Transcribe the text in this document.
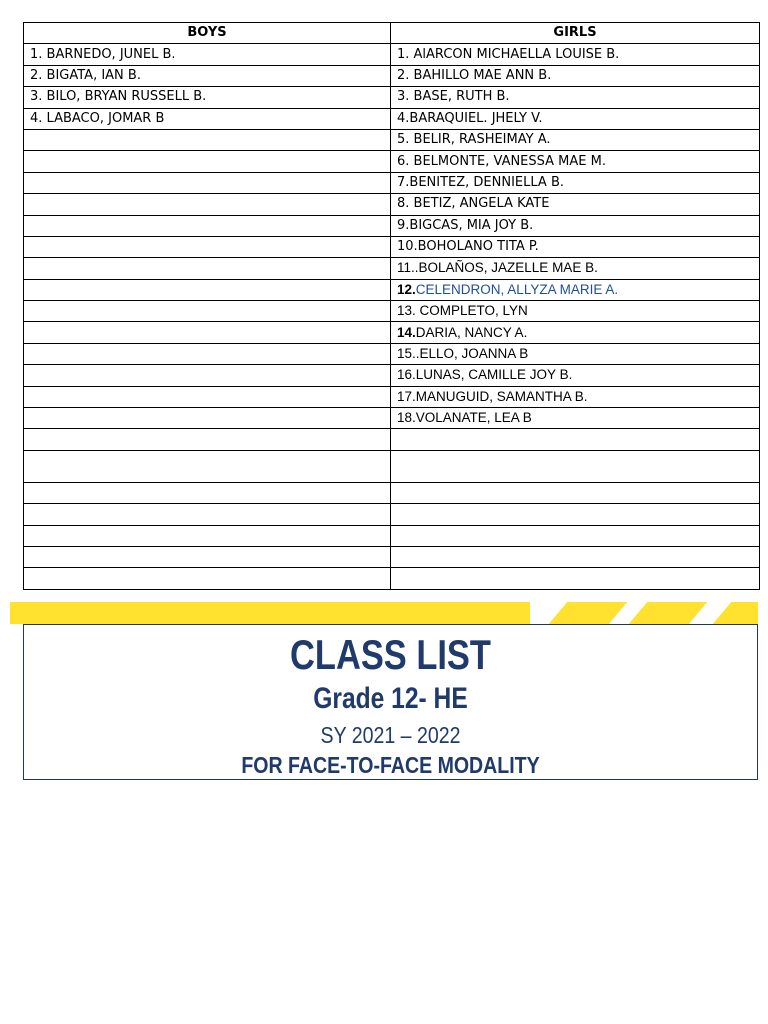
BOYS	GIRLS
1. BARNEDO, JUNEL B.	1. AlARCON MICHAELLA LOUISE B.
2. BIGATA, IAN B.	2. BAHILLO MAE ANN B.
3. BILO, BRYAN RUSSELL B.	3. BASE, RUTH B.
4. LABACO, JOMAR B	4.BARAQUIEL. JHELY V.
	5. BELIR, RASHEIMAY A.
	6. BELMONTE, VANESSA MAE M.
	7.BENITEZ, DENNIELLA B.
	8. BETIZ, ANGELA KATE
	9.BIGCAS, MIA JOY B.
	10.BOHOLANO TITA P.
	11..BOLAÑOS, JAZELLE MAE B.
	12.CELENDRON, ALLYZA MARIE A.
	13. COMPLETO, LYN
	14.DARIA, NANCY A.
	15..ELLO, JOANNA B
	16.LUNAS, CAMILLE JOY B.
	17.MANUGUID, SAMANTHA B.
	18.VOLANATE, LEA B

CLASS LIST
Grade 12- HE
SY 2021 – 2022
FOR FACE-TO-FACE MODALITY
